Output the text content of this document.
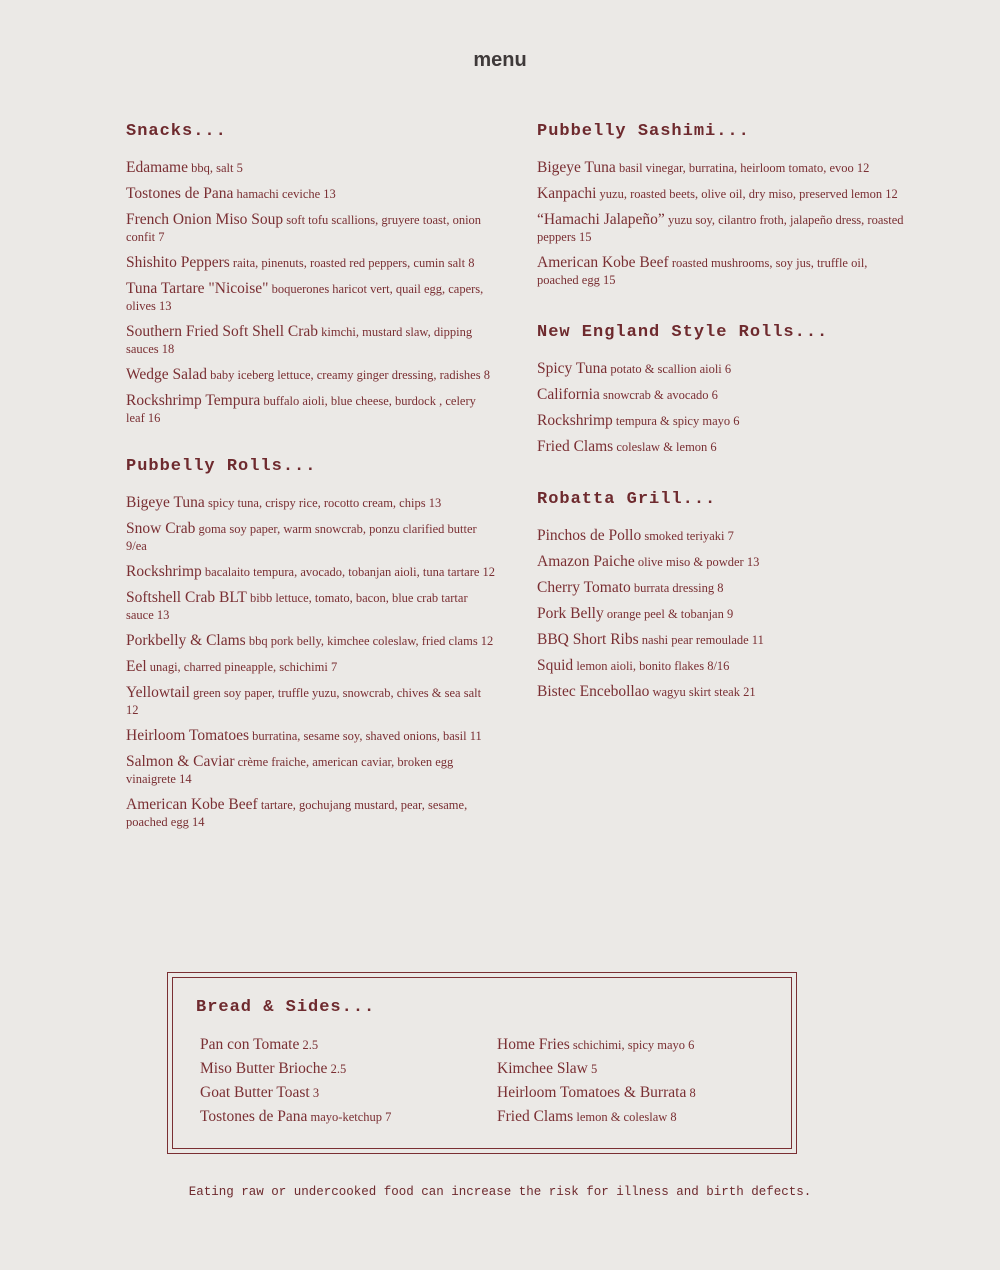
menu
Snacks...
Edamame bbq, salt 5
Tostones de Pana hamachi ceviche 13
French Onion Miso Soup soft tofu scallions, gruyere toast, onion confit 7
Shishito Peppers raita, pinenuts, roasted red peppers, cumin salt 8
Tuna Tartare "Nicoise" boquerones haricot vert, quail egg, capers, olives 13
Southern Fried Soft Shell Crab kimchi, mustard slaw, dipping sauces 18
Wedge Salad baby iceberg lettuce, creamy ginger dressing, radishes 8
Rockshrimp Tempura buffalo aioli, blue cheese, burdock , celery leaf 16
Pubbelly Rolls...
Bigeye Tuna spicy tuna, crispy rice, rocotto cream, chips 13
Snow Crab goma soy paper, warm snowcrab, ponzu clarified butter 9/ea
Rockshrimp bacalaito tempura, avocado, tobanjan aioli, tuna tartare 12
Softshell Crab BLT bibb lettuce, tomato, bacon, blue crab tartar sauce 13
Porkbelly & Clams bbq pork belly, kimchee coleslaw, fried clams 12
Eel unagi, charred pineapple, schichimi 7
Yellowtail green soy paper, truffle yuzu, snowcrab, chives & sea salt 12
Heirloom Tomatoes burratina, sesame soy, shaved onions, basil 11
Salmon & Caviar crème fraiche, american caviar, broken egg vinaigrete 14
American Kobe Beef tartare, gochujang mustard, pear, sesame, poached egg 14
Pubbelly Sashimi...
Bigeye Tuna basil vinegar, burratina, heirloom tomato, evoo 12
Kanpachi yuzu, roasted beets, olive oil, dry miso, preserved lemon 12
“Hamachi Jalapeño” yuzu soy, cilantro froth, jalapeño dress, roasted peppers 15
American Kobe Beef roasted mushrooms, soy jus, truffle oil, poached egg 15
New England Style Rolls...
Spicy Tuna potato & scallion aioli 6
California snowcrab & avocado 6
Rockshrimp tempura & spicy mayo 6
Fried Clams coleslaw & lemon 6
Robatta Grill...
Pinchos de Pollo smoked teriyaki 7
Amazon Paiche olive miso & powder 13
Cherry Tomato burrata dressing 8
Pork Belly orange peel & tobanjan 9
BBQ Short Ribs nashi pear remoulade 11
Squid lemon aioli, bonito flakes 8/16
Bistec Encebollao wagyu skirt steak 21
Bread & Sides...
Pan con Tomate 2.5
Miso Butter Brioche 2.5
Goat Butter Toast 3
Tostones de Pana mayo-ketchup 7
Home Fries schichimi, spicy mayo 6
Kimchee Slaw 5
Heirloom Tomatoes & Burrata 8
Fried Clams lemon & coleslaw 8
Eating raw or undercooked food can increase the risk for illness and birth defects.
